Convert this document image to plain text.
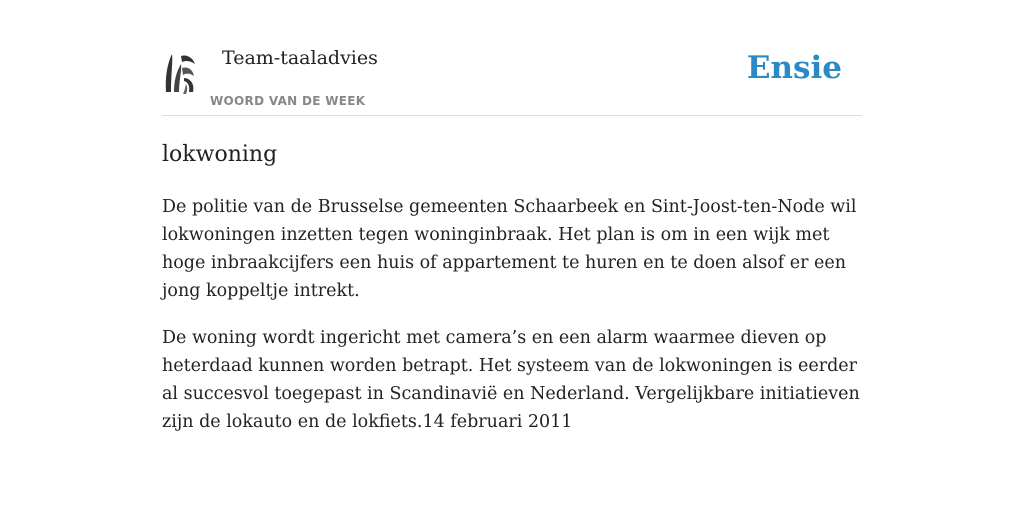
Team-taaladvies
WOORD VAN DE WEEK
Ensie
lokwoning

De politie van de Brusselse gemeenten Schaarbeek en Sint-Joost-ten-Node wil lokwoningen inzetten tegen woninginbraak. Het plan is om in een wijk met hoge inbraakcijfers een huis of appartement te huren en te doen alsof er een jong koppeltje intrekt.

De woning wordt ingericht met camera’s en een alarm waarmee dieven op heterdaad kunnen worden betrapt. Het systeem van de lokwoningen is eerder al succesvol toegepast in Scandinavië en Nederland. Vergelijkbare initiatieven zijn de lokauto en de lokfiets.14 februari 2011
